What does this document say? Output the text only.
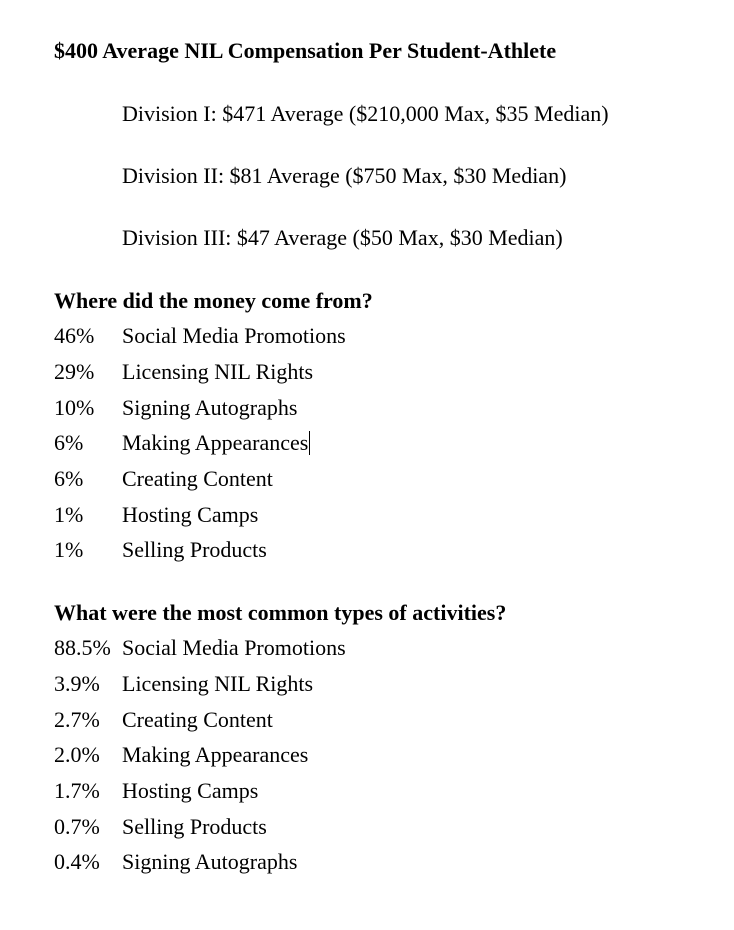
$400 Average NIL Compensation Per Student-Athlete
Division I: $471 Average ($210,000 Max, $35 Median)
Division II: $81 Average ($750 Max, $30 Median)
Division III: $47 Average ($50 Max, $30 Median)
Where did the money come from?
46% Social Media Promotions
29% Licensing NIL Rights
10% Signing Autographs
6% Making Appearances
6% Creating Content
1% Hosting Camps
1% Selling Products
What were the most common types of activities?
88.5% Social Media Promotions
3.9% Licensing NIL Rights
2.7% Creating Content
2.0% Making Appearances
1.7% Hosting Camps
0.7% Selling Products
0.4% Signing Autographs
